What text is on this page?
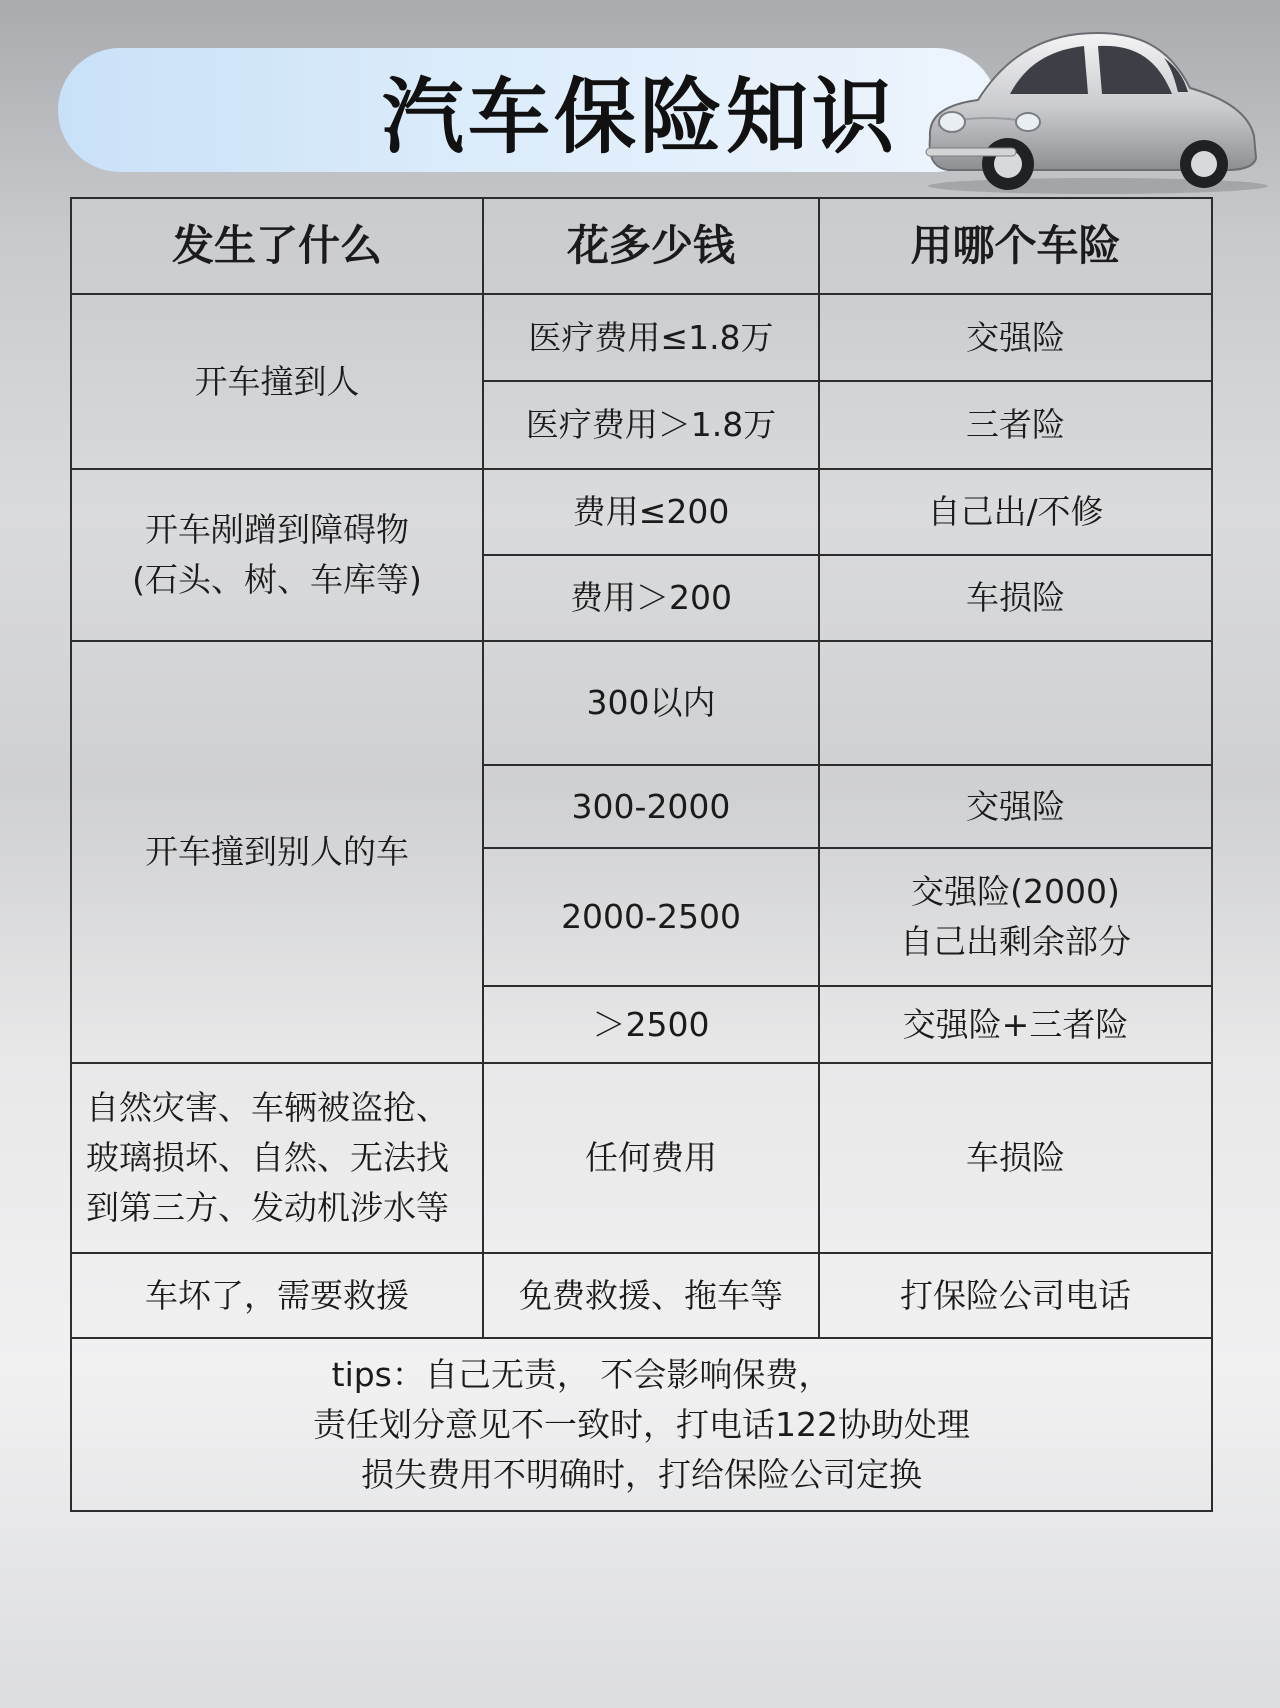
汽车保险知识
发生了什么	花多少钱	用哪个车险
开车撞到人	医疗费用≤1.8万	交强险
	医疗费用＞1.8万	三者险

开车剐蹭到障碍物
(石头、树、车库等)	费用≤200	自己出/不修
	费用＞200	车损险
开车撞到别人的车	300以内	
	300-2000	交强险
	2000-2500	交强险(2000)
自己出剩余部分

	＞2500	交强险+三者险

自然灾害、车辆被盗抢、
玻璃损坏、自然、无法找
到第三方、发动机涉水等	任何费用	车损险
车坏了，需要救援	免费救援、拖车等	打保险公司电话

tips：自己无责， 不会影响保费，
责任划分意见不一致时，打电话122协助处理
损失费用不明确时，打给保险公司定换		
